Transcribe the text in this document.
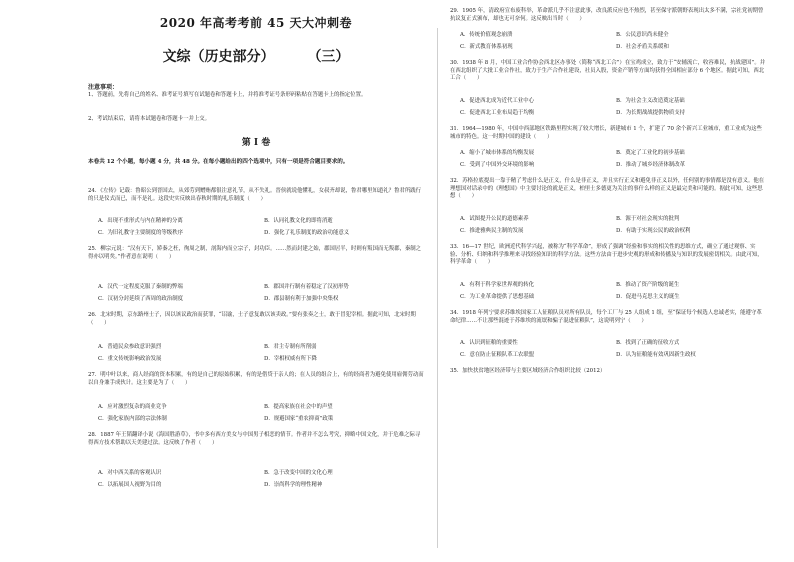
2020 年高考考前 45 天大冲刺卷
文综（历史部分） （三）
注意事项：
1、答题前，先将自己的姓名、准考证号填写在试题卷和答题卡上，并将准考证号条形码粘贴在答题卡上的指定位置。
2、考试结束后，请将本试题卷和答题卡一并上交。
第 I 卷
本卷共 12 个小题，每小题 4 分，共 48 分。在每小题给出的四个选项中，只有一项是符合题目要求的。
24．《左传》记载：鲁昭公到晋国去，从郊劳到赠贿都很注意礼节，从不失礼。晋侯就说他懂礼，女叔齐却说，鲁君哪里知道礼？鲁君所践行的只是仪式而已，而不是礼。这段史实反映出春秋时期的礼乐制度（　　）
A．出现不重形式与内在精神的分离	B．认同礼教文化的即将消逝
C．为旧礼教守主要制度的等级秩序	D．强化了礼乐制度的政治功能意义
25．柳宗元说：“汉有天下，矫秦之枉，徇周之制，剖海内而立宗子，封功臣。……然而封建之始，郡国居半，时则有叛国而无叛郡，秦制之得亦以明矣。”作者意在说明（　　）
A．汉代一定程度克服了秦制的弊端	B．郡国并行制有着稳定了汉初形势
C．汉初分封延续了西周的政治制度	D．郡县制有利于加强中央集权
26．北宋时期，京东路州士子，因以该议政治而获罪，“诏谕，士子意复敢以该卖政。”要有张奏之士，敢于冒犯宰相。据此可知，北宋时期（　　）
A．普通民众参政意识强烈	B．君主专制有所削弱
C．重文传统影响政治发展	D．宰相权威有所下降
27．明中叶以来，商人经商的资本积累，有的是自己的原始积累，有的是借贷于亲人的；在人员的组合上，有的经商者为避免使用雇佣劳动而以自身兼手成伙计。这主要是为了（　　）
A．应对激烈复杂的商业竞争	B．提高家族在社会中的声望
C．强化家族内部的宗法体制	D．规避国家“重农抑商”政策
28．1887 年王韬翻译小说《海国胜游草》，书中多有西方美女与中国男子相恋的情节。作者并不怎么考究，抑略中国文化，并于危难之际寻得西方技术帮助以天美建过法。这反映了作者（　　）
A．对中西关系的客观认识	B．急于改变中国的文化心理
C．以拓展国人视野为目的	D．崇尚科学的理性精神
29．1905 年，清政府宣布废科举，革命派几乎不注意此事，改良派反应也不热烈，甚至保守派朝野表现出太多不满，宗社党初期曾抗议复正式颁布，却也无可奈何。这反映出当时（　　）
A．传统价值观念崩溃	B．公民意识尚未健全
C．新式教育体系初现	D．社会矛盾关系缓和
30．1938 年 8 月，中国工业合作协会西北区办事处（简称“西北工合”）在宝鸡成立，致力于“安辅流亡，收容难民，抗战建国”。并在西北组织了大批工业合作社，致力于生产合作社建设，社员入股，资金产销等方面均获得全国相应部分 6 个地区。据此可知，西北工合（　　）
A．促进西北成为近代工业中心	B．为社会主义改造奠定基础
C．促进西北工业布局趋于均衡	D．为长期战战提供物质支持
31．1964—1980 年，中国中西部地区铁路里程实现了较大增长，新建城市 1 个，扩建了 70 余个新兴工业城市，重工业成为这些城市的特色。这一时期中国的建设（　　）
A．缩小了城市体系的均衡发展	B．奠定了工业化的初步基础
C．受到了中国外交环境的影响	D．推动了城乡经济体制改革
32．苏格拉底提出一靠于精了考虑什么是正义，什么是非正义，并且实行正义和避免非正义以外，任何别的事情都是没有意义。他在理想国对话录中的《理想国》中主要讨论的就是正义，柏里士多德更为关注的事什么样的正义是最完美和可能的。据此可知，这些思想（　　）
A．试图提升公民的道德素养	B．源于对社会现实的批判
C．推进雅典民主制的发展	D．有助于实现公民的政治权利
33．16—17 世纪，欧洲近代科学兴起，被称为“科学革命”，形成了强调“经验和事实的相关性的思维方式，确立了通过观察、实验、分析、归纳和科学推理来寻找经验知识的科学方法。这些方法由于进步史观的形成和传播及与知识的发展密切相关。由此可知，科学革命（　　）
A．有利于科学家世界观的转化	B．推动了资产阶级的诞生
C．为工业革命提供了思想基础	D．促进马克思主义的诞生
34．1918 年列宁要求苏维埃国家工人征粮队员对所有队员，每个工厂与 25 人组成 1 组，至“保证每个候选人忠诚老实，能遵守革命纪律……不让那些混迹于苏维埃的流氓和骗子混进征粮队”，这说明列宁（　　）
A．认识到征粮的重要性	B．找到了正确的征收方式
C．意在防止征粮队革工农联盟	D．认为征粮能有效巩固新生政权
35．加快扶贫地区经济带与主要区域经济合作组织比较（2012）
